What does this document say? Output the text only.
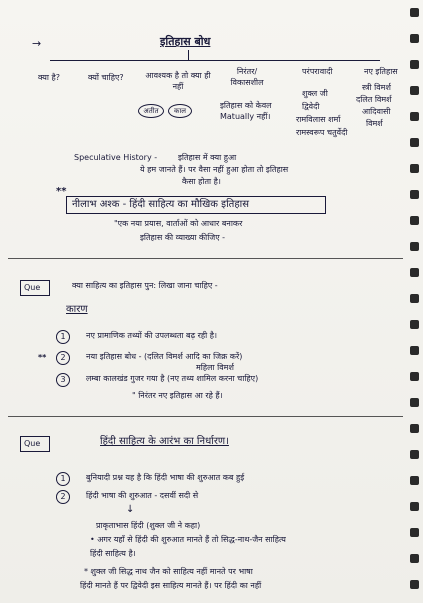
→	इतिहास बोध
क्या है?	क्यों चाहिए?	आवश्यक है तो क्या ही नहीं
अतीत	काल
निरंतर/ विकासशील
इतिहास को केवल Matually नहीं।
परंपरावादी
शुक्ल जी
द्विवेदी
रामविलास शर्मा
रामस्वरूप चतुर्वेदी
नए इतिहास
स्त्री विमर्श
दलित विमर्श
आदिवासी
विमर्श
Speculative History -	इतिहास में क्या हुआ
ये हम जानते हैं। पर वैसा नहीं हुआ होता तो इतिहास
कैसा होता है।
**
नीलाभ अश्क - हिंदी साहित्य का मौखिक इतिहास
"एक नया प्रयास, वार्ताओं को आधार बनाकर
इतिहास की व्याख्या कीजिए -
Que	क्या साहित्य का इतिहास पुन: लिखा जाना चाहिए -
कारण
1	नए प्रामाणिक तथ्यों की उपलब्धता बढ़ रही है।
**	2	नया इतिहास बोध - (दलित विमर्श आदि का जिक्र करें)
महिला विमर्श
3	लम्बा कालखंड गुजर गया है (नए तथ्य शामिल करना चाहिए)
" निरंतर नए इतिहास आ रहे हैं।
Que	हिंदी साहित्य के आरंभ का निर्धारण।
1	बुनियादी प्रश्न यह है कि हिंदी भाषा की शुरुआत कब हुई
2	हिंदी भाषा की शुरुआत - दसवीं सदी से
↓
प्राकृताभास हिंदी (शुक्ल जी ने कहा)
• अगर यहाँ से हिंदी की शुरुआत मानते हैं तो सिद्ध-नाथ-जैन साहित्य
हिंदी साहित्य है।
* शुक्ल जी सिद्ध नाथ जैन को साहित्य नहीं मानते पर भाषा
हिंदी मानते हैं पर द्विवेदी इस साहित्य मानते हैं। पर हिंदी का नहीं
